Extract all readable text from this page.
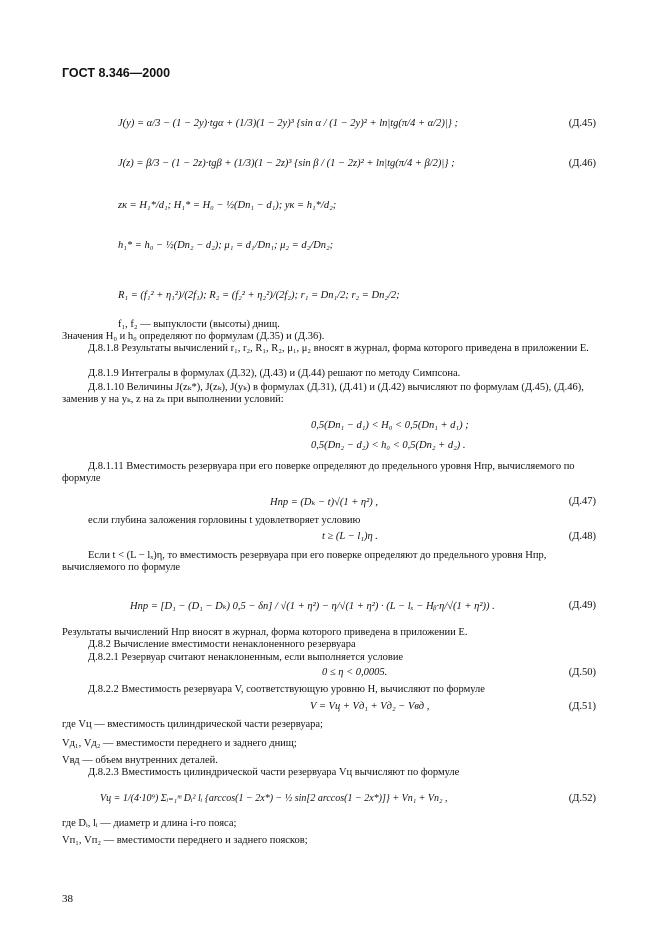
ГОСТ 8.346—2000
J(y) = α/3 − (1 − 2y)·tgα + (1/3)(1 − 2y)³ {sin α / (1 − 2y)² + ln|tg(π/4 + α/2)|} ;	(Д.45)
J(z) = β/3 − (1 − 2z)·tgβ + (1/3)(1 − 2z)³ {sin β / (1 − 2z)² + ln|tg(π/4 + β/2)|} ;	(Д.46)
zк = H₁*/d₁; H₁* = H₀ − ½(Dп₁ − d₁); yк = h₁*/d₂;
h₁* = h₀ − ½(Dп₂ − d₂); μ₁ = d₁/Dп₁; μ₂ = d₂/Dп₂;
R₁ = (f₁² + η₁²)/(2f₁); R₂ = (f₂² + η₂²)/(2f₂); r₁ = Dп₁/2; r₂ = Dп₂/2;
f₁, f₂ — выпуклости (высоты) днищ.
Значения H₀ и h₀ определяют по формулам (Д.35) и (Д.36).
Д.8.1.8 Результаты вычислений r₁, r₂, R₁, R₂, μ₁, μ₂ вносят в журнал, форма которого приведена в приложении Е.
Д.8.1.9 Интегралы в формулах (Д.32), (Д.43) и (Д.44) решают по методу Симпсона.
Д.8.1.10 Величины J(zₖ*), J(zₖ), J(yₖ) в формулах (Д.31), (Д.41) и (Д.42) вычисляют по формулам (Д.45), (Д.46), заменив y на yₖ, z на zₖ при выполнении условий:
0,5(Dп₁ − d₁) < H₀ < 0,5(Dп₁ + d₁) ;
0,5(Dп₂ − d₂) < h₀ < 0,5(Dп₂ + d₂) .
Д.8.1.11 Вместимость резервуара при его поверке определяют до предельного уровня Hпр, вычисляемого по формуле
Hпр = (Dₖ − t)√(1 + η²) ,	(Д.47)
если глубина заложения горловины t удовлетворяет условию
t ≥ (L − l₁)η .	(Д.48)
Если t < (L − lₓ)η, то вместимость резервуара при его поверке определяют до предельного уровня Hпр, вычисляемого по формуле
Hпр = [D₁ − (D₁ − Dₖ) 0,5 − δп] / √(1 + η²) − η/√(1 + η²) · (L − lₓ − Hᵦ·η/√(1 + η²)) .	(Д.49)
Результаты вычислений Hпр вносят в журнал, форма которого приведена в приложении Е.
Д.8.2 Вычисление вместимости ненаклоненного резервуара
Д.8.2.1 Резервуар считают ненаклоненным, если выполняется условие
0 ≤ η < 0,0005.	(Д.50)
Д.8.2.2 Вместимость резервуара V, соответствующую уровню H, вычисляют по формуле
V = Vц + Vд₁ + Vд₂ − Vвд ,	(Д.51)
где Vц — вместимость цилиндрической части резервуара;
Vд₁, Vд₂ — вместимости переднего и заднего днищ;
Vвд — объем внутренних деталей.
Д.8.2.3 Вместимость цилиндрической части резервуара Vц вычисляют по формуле
Vц = 1/(4·10⁹) Σᵢ₌₁ᵐ Dᵢ² lᵢ {arccos(1 − 2x*) − ½ sin[2 arccos(1 − 2x*)]} + Vп₁ + Vп₂ ,	(Д.52)
где Dᵢ, lᵢ — диаметр и длина i-го пояса;
Vп₁, Vп₂ — вместимости переднего и заднего поясков;
38
